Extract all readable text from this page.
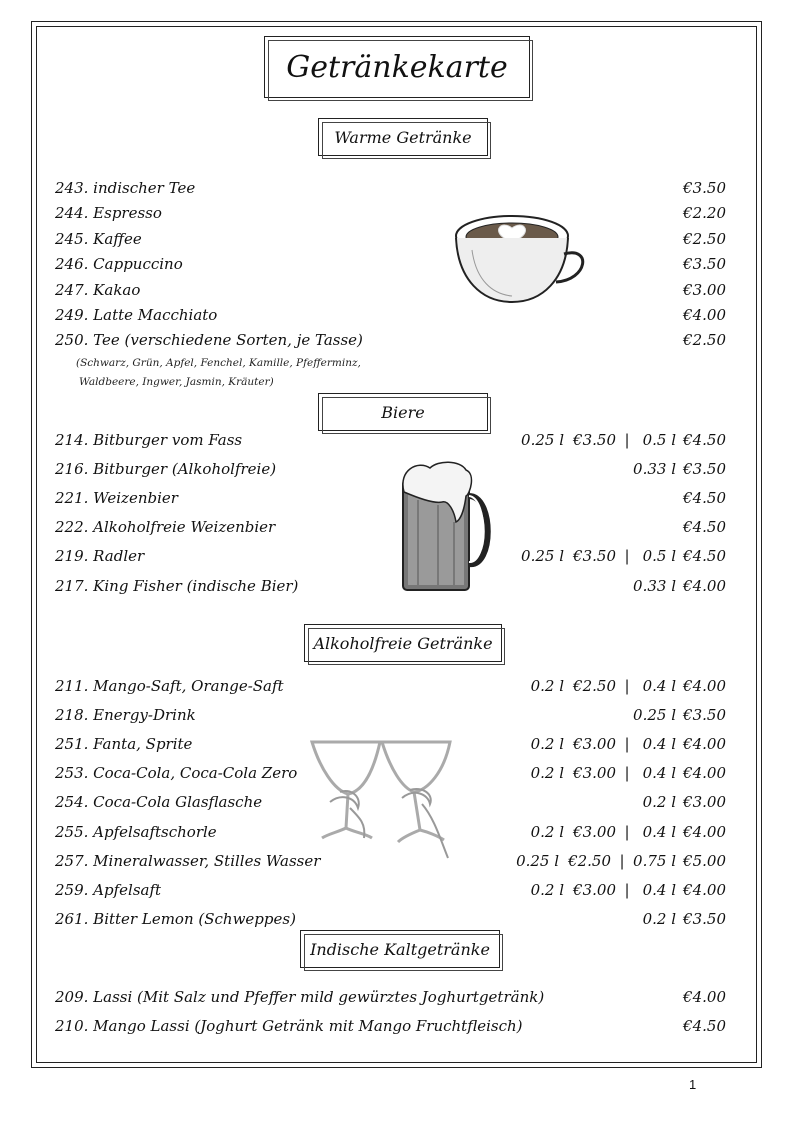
Getränkekarte
Warme Getränke
Biere
Alkoholfreie Getränke
Indische Kaltgetränke
243. indischer Tee	€3.50
244. Espresso	€2.20
245. Kaffee	€2.50
246. Cappuccino	€3.50
247. Kakao	€3.00
249. Latte Macchiato	€4.00
250. Tee (verschiedene Sorten, je Tasse)	€2.50
(Schwarz, Grün, Apfel, Fenchel, Kamille, Pfefferminz,
Waldbeere, Ingwer, Jasmin, Kräuter)
214. Bitburger vom Fass	0.25 l €3.50 | 0.5 l €4.50
216. Bitburger (Alkoholfreie)	0.33 l €3.50
221. Weizenbier	€4.50
222. Alkoholfreie Weizenbier	€4.50
219. Radler	0.25 l €3.50 | 0.5 l €4.50
217. King Fisher (indische Bier)	0.33 l €4.00
211. Mango-Saft, Orange-Saft	0.2 l €2.50 | 0.4 l €4.00
218. Energy-Drink	0.25 l €3.50
251. Fanta, Sprite	0.2 l €3.00 | 0.4 l €4.00
253. Coca-Cola, Coca-Cola Zero	0.2 l €3.00 | 0.4 l €4.00
254. Coca-Cola Glasflasche	0.2 l €3.00
255. Apfelsaftschorle	0.2 l €3.00 | 0.4 l €4.00
257. Mineralwasser, Stilles Wasser	0.25 l €2.50 | 0.75 l €5.00
259. Apfelsaft	0.2 l €3.00 | 0.4 l €4.00
261. Bitter Lemon (Schweppes)	0.2 l €3.50
209. Lassi (Mit Salz und Pfeffer mild gewürztes Joghurtgetränk)	€4.00
210. Mango Lassi (Joghurt Getränk mit Mango Fruchtfleisch)	€4.50
1
